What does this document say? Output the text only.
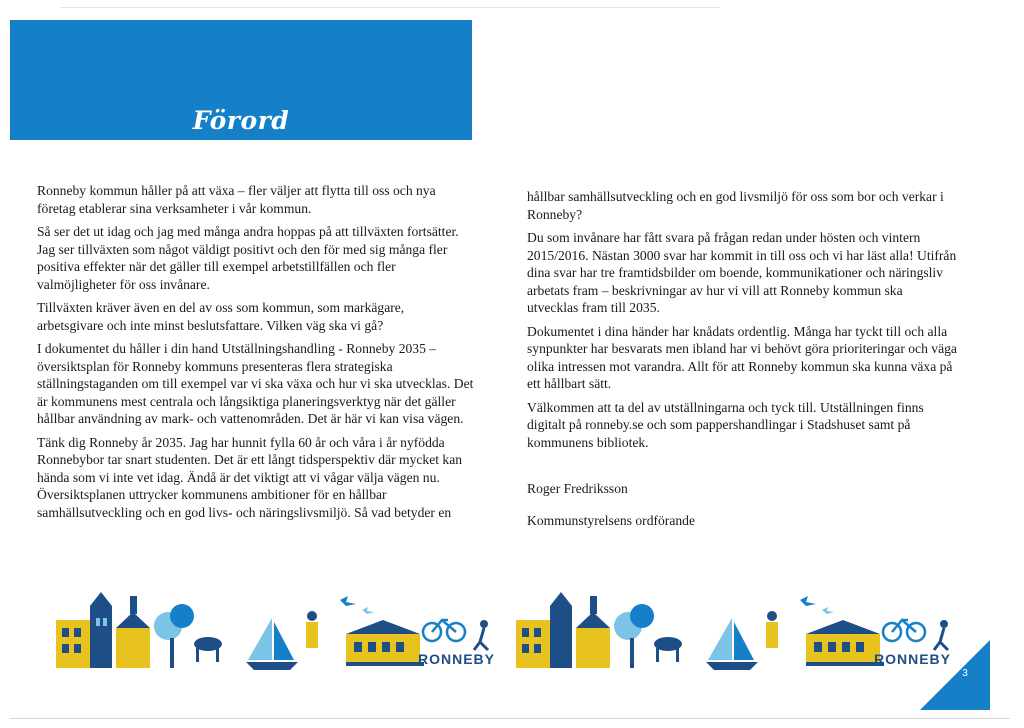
Förord

Ronneby kommun håller på att växa – fler väljer att flytta till oss och nya företag etablerar sina verksamheter i vår kommun.

Så ser det ut idag och jag med många andra hoppas på att tillväxten fortsätter. Jag ser tillväxten som något väldigt positivt och den för med sig många fler positiva effekter när det gäller till exempel arbetstillfällen och fler valmöjligheter för oss invånare.

Tillväxten kräver även en del av oss som kommun, som markägare, arbetsgivare och inte minst beslutsfattare. Vilken väg ska vi gå?

I dokumentet du håller i din hand Utställningshandling - Ronneby 2035 – översiktsplan för Ronneby kommuns presenteras flera strategiska ställningstaganden om till exempel var vi ska växa och hur vi ska utvecklas. Det är kommunens mest centrala och långsiktiga planeringsverktyg när det gäller hållbar användning av mark- och vattenområden. Det är här vi kan visa vägen.

Tänk dig Ronneby år 2035. Jag har hunnit fylla 60 år och våra i år nyfödda Ronnebybor tar snart studenten. Det är ett långt tidsperspektiv där mycket kan hända som vi inte vet idag. Ändå är det viktigt att vi vågar välja vägen nu. Översiktsplanen uttrycker kommunens ambitioner för en hållbar samhällsutveckling och en god livs- och näringslivsmiljö. Så vad betyder en

hållbar samhällsutveckling och en god livsmiljö för oss som bor och verkar i Ronneby?

Du som invånare har fått svara på frågan redan under hösten och vintern 2015/2016. Nästan 3000 svar har kommit in till oss och vi har läst alla! Utifrån dina svar har tre framtidsbilder om boende, kommunikationer och näringsliv arbetats fram – beskrivningar av hur vi vill att Ronneby kommun ska utvecklas fram till 2035.

Dokumentet i dina händer har knådats ordentlig. Många har tyckt till och alla synpunkter har besvarats men ibland har vi behövt göra prioriteringar och väga olika intressen mot varandra. Allt för att Ronneby kommun ska kunna växa på ett hållbart sätt.

Välkommen att ta del av utställningarna och tyck till. Utställningen finns digitalt på ronneby.se och som pappershandlingar i Stadshuset samt på kommunens bibliotek.

Roger Fredriksson

Kommunstyrelsens ordförande

RONNEBY	RONNEBY
3
